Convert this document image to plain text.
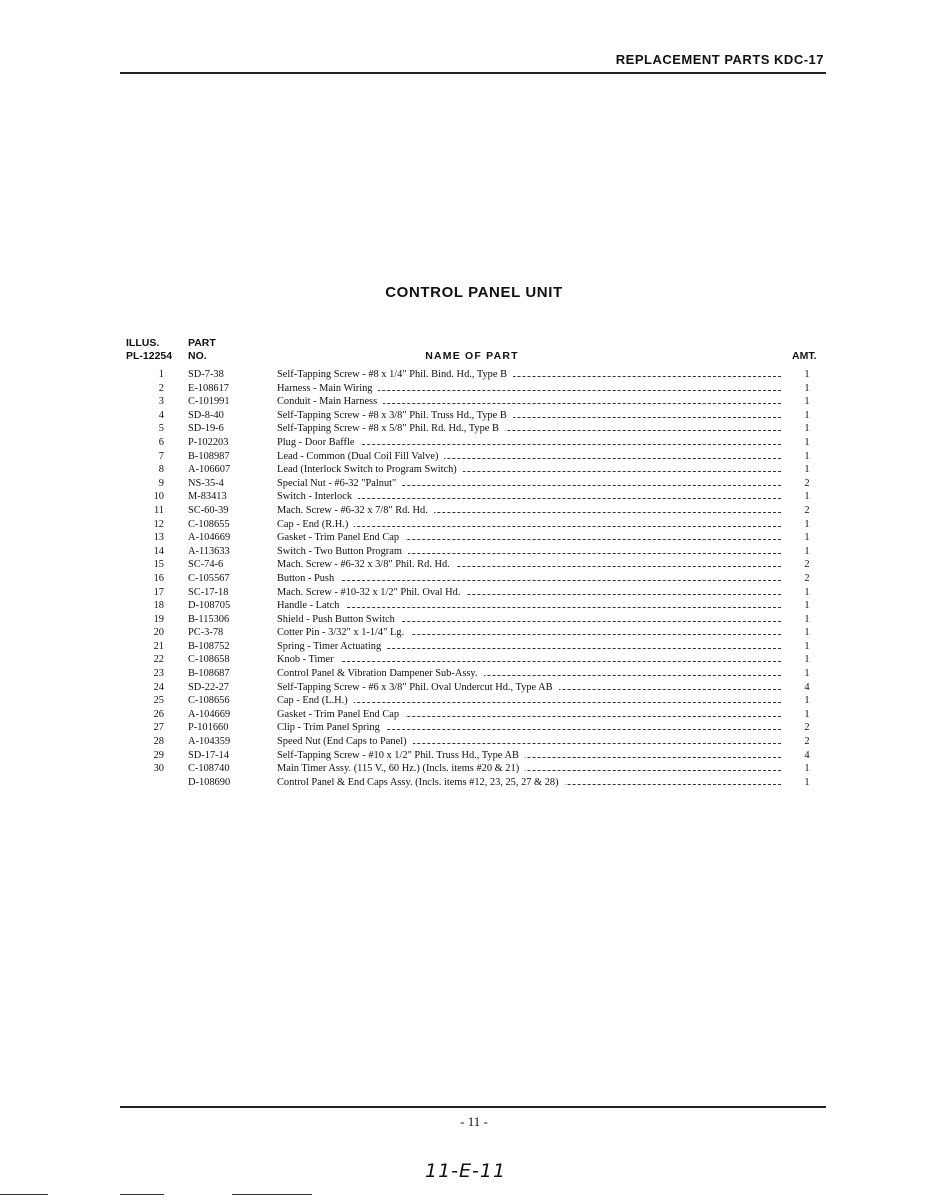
REPLACEMENT PARTS KDC-17
CONTROL PANEL UNIT
ILLUS.
PL-12254
PART
NO.	NAME OF PART	AMT.
1 SD-7-38	Self-Tapping Screw - #8 x 1/4" Phil. Bind. Hd., Type B	1
2 E-108617	Harness - Main Wiring	1
3 C-101991	Conduit - Main Harness	1
4 SD-8-40	Self-Tapping Screw - #8 x 3/8" Phil. Truss Hd., Type B	1
5 SD-19-6	Self-Tapping Screw - #8 x 5/8" Phil. Rd. Hd., Type B	1
6 P-102203	Plug - Door Baffle	1
7 B-108987	Lead - Common (Dual Coil Fill Valve)	1
8 A-106607	Lead (Interlock Switch to Program Switch)	1
9 NS-35-4	Special Nut - #6-32 "Palnut"	2
10 M-83413	Switch - Interlock	1
11 SC-60-39	Mach. Screw - #6-32 x 7/8" Rd. Hd.	2
12 C-108655	Cap - End (R.H.)	1
13 A-104669	Gasket - Trim Panel End Cap	1
14 A-113633	Switch - Two Button Program	1
15 SC-74-6	Mach. Screw - #6-32 x 3/8" Phil. Rd. Hd.	2
16 C-105567	Button - Push	2
17 SC-17-18	Mach. Screw - #10-32 x 1/2" Phil. Oval Hd.	1
18 D-108705	Handle - Latch	1
19 B-115306	Shield - Push Button Switch	1
20 PC-3-78	Cotter Pin - 3/32" x 1-1/4" Lg.	1
21 B-108752	Spring - Timer Actuating	1
22 C-108658	Knob - Timer	1
23 B-108687	Control Panel & Vibration Dampener Sub-Assy.	1
24 SD-22-27	Self-Tapping Screw - #6 x 3/8" Phil. Oval Undercut Hd., Type AB	4
25 C-108656	Cap - End (L.H.)	1
26 A-104669	Gasket - Trim Panel End Cap	1
27 P-101660	Clip - Trim Panel Spring	2
28 A-104359	Speed Nut (End Caps to Panel)	2
29 SD-17-14	Self-Tapping Screw - #10 x 1/2" Phil. Truss Hd., Type AB	4
30 C-108740	Main Timer Assy. (115 V., 60 Hz.) (Incls. items #20 & 21)	1
D-108690	Control Panel & End Caps Assy. (Incls. items #12, 23, 25, 27 & 28)	1
- 11 -
11-E-11
